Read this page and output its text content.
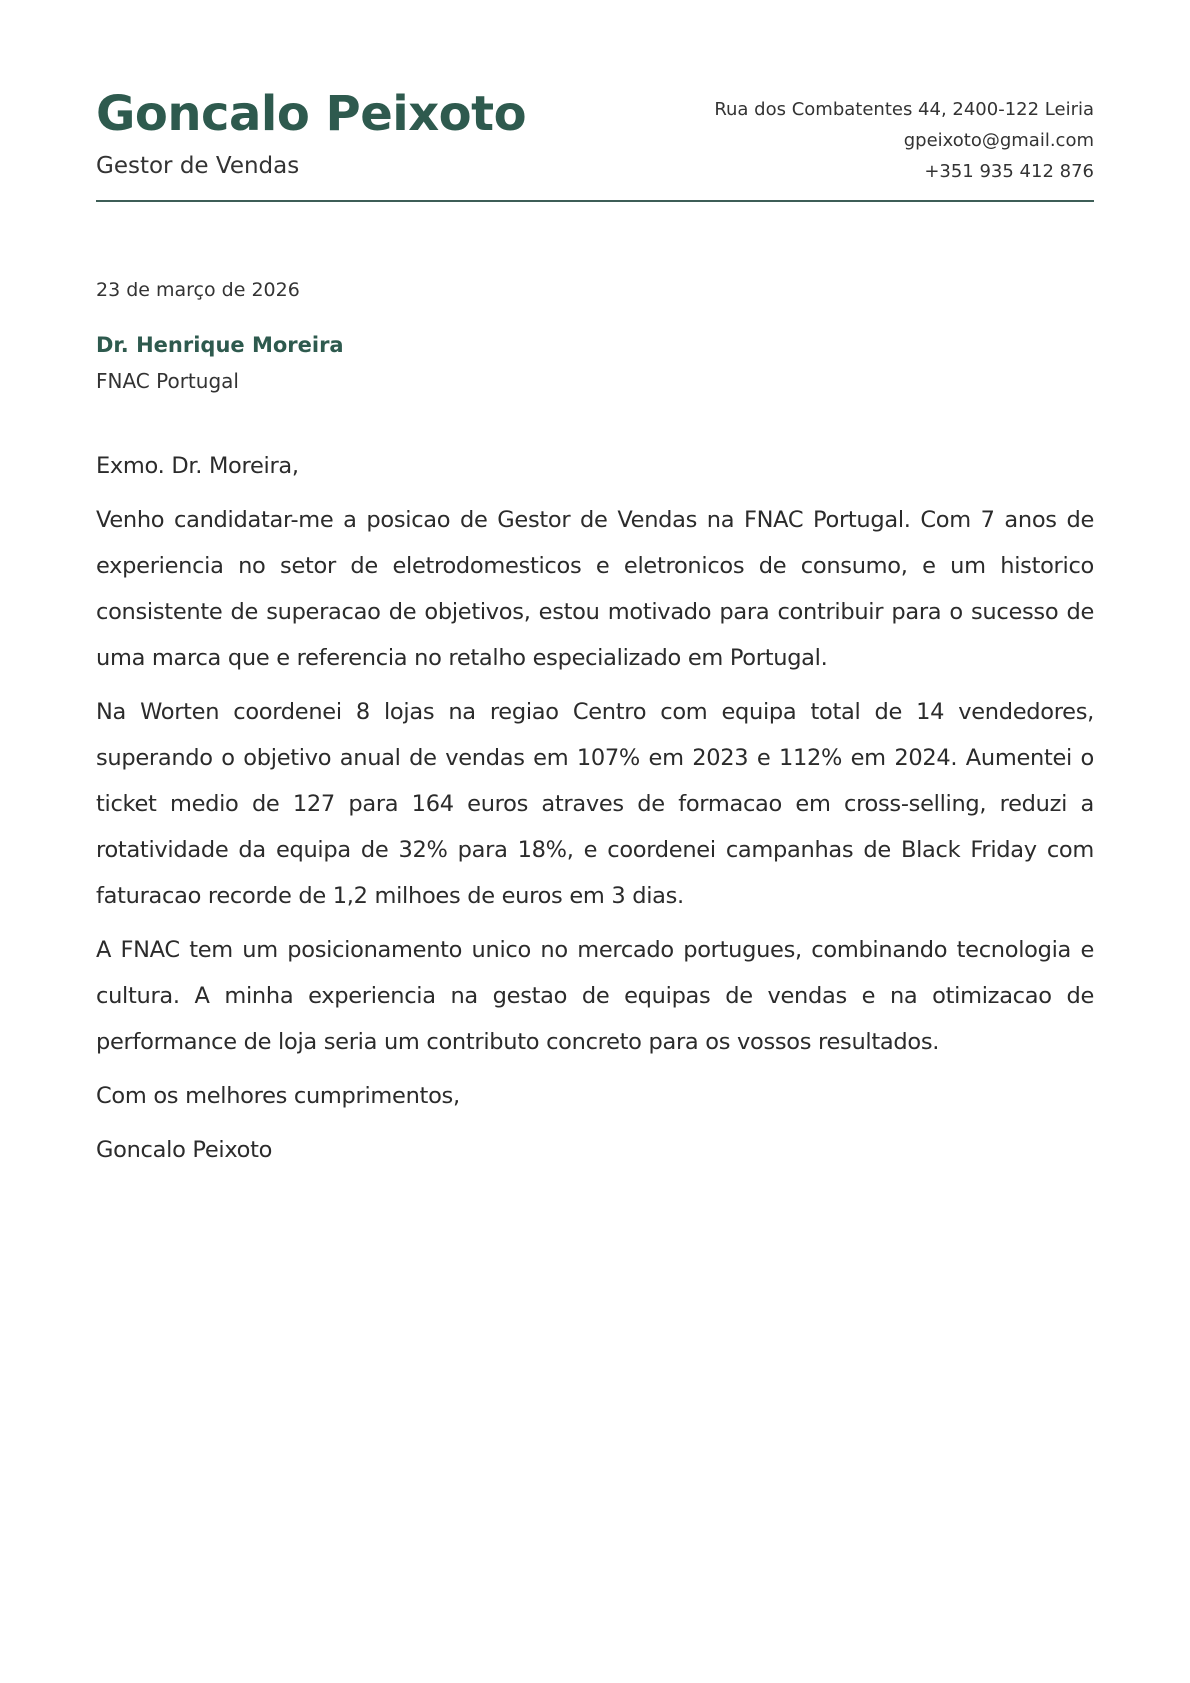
Goncalo Peixoto
Gestor de Vendas
Rua dos Combatentes 44, 2400-122 Leiria
gpeixoto@gmail.com
+351 935 412 876
23 de março de 2026
Dr. Henrique Moreira
FNAC Portugal

Exmo. Dr. Moreira,

Venho candidatar-me a posicao de Gestor de Vendas na FNAC Portugal. Com 7 anos de experiencia no setor de eletrodomesticos e eletronicos de consumo, e um historico consistente de superacao de objetivos, estou motivado para contribuir para o sucesso de uma marca que e referencia no retalho especializado em Portugal.

Na Worten coordenei 8 lojas na regiao Centro com equipa total de 14 vendedores, superando o objetivo anual de vendas em 107% em 2023 e 112% em 2024. Aumentei o ticket medio de 127 para 164 euros atraves de formacao em cross-selling, reduzi a rotatividade da equipa de 32% para 18%, e coordenei campanhas de Black Friday com faturacao recorde de 1,2 milhoes de euros em 3 dias.

A FNAC tem um posicionamento unico no mercado portugues, combinando tecnologia e cultura. A minha experiencia na gestao de equipas de vendas e na otimizacao de performance de loja seria um contributo concreto para os vossos resultados.

Com os melhores cumprimentos,

Goncalo Peixoto
